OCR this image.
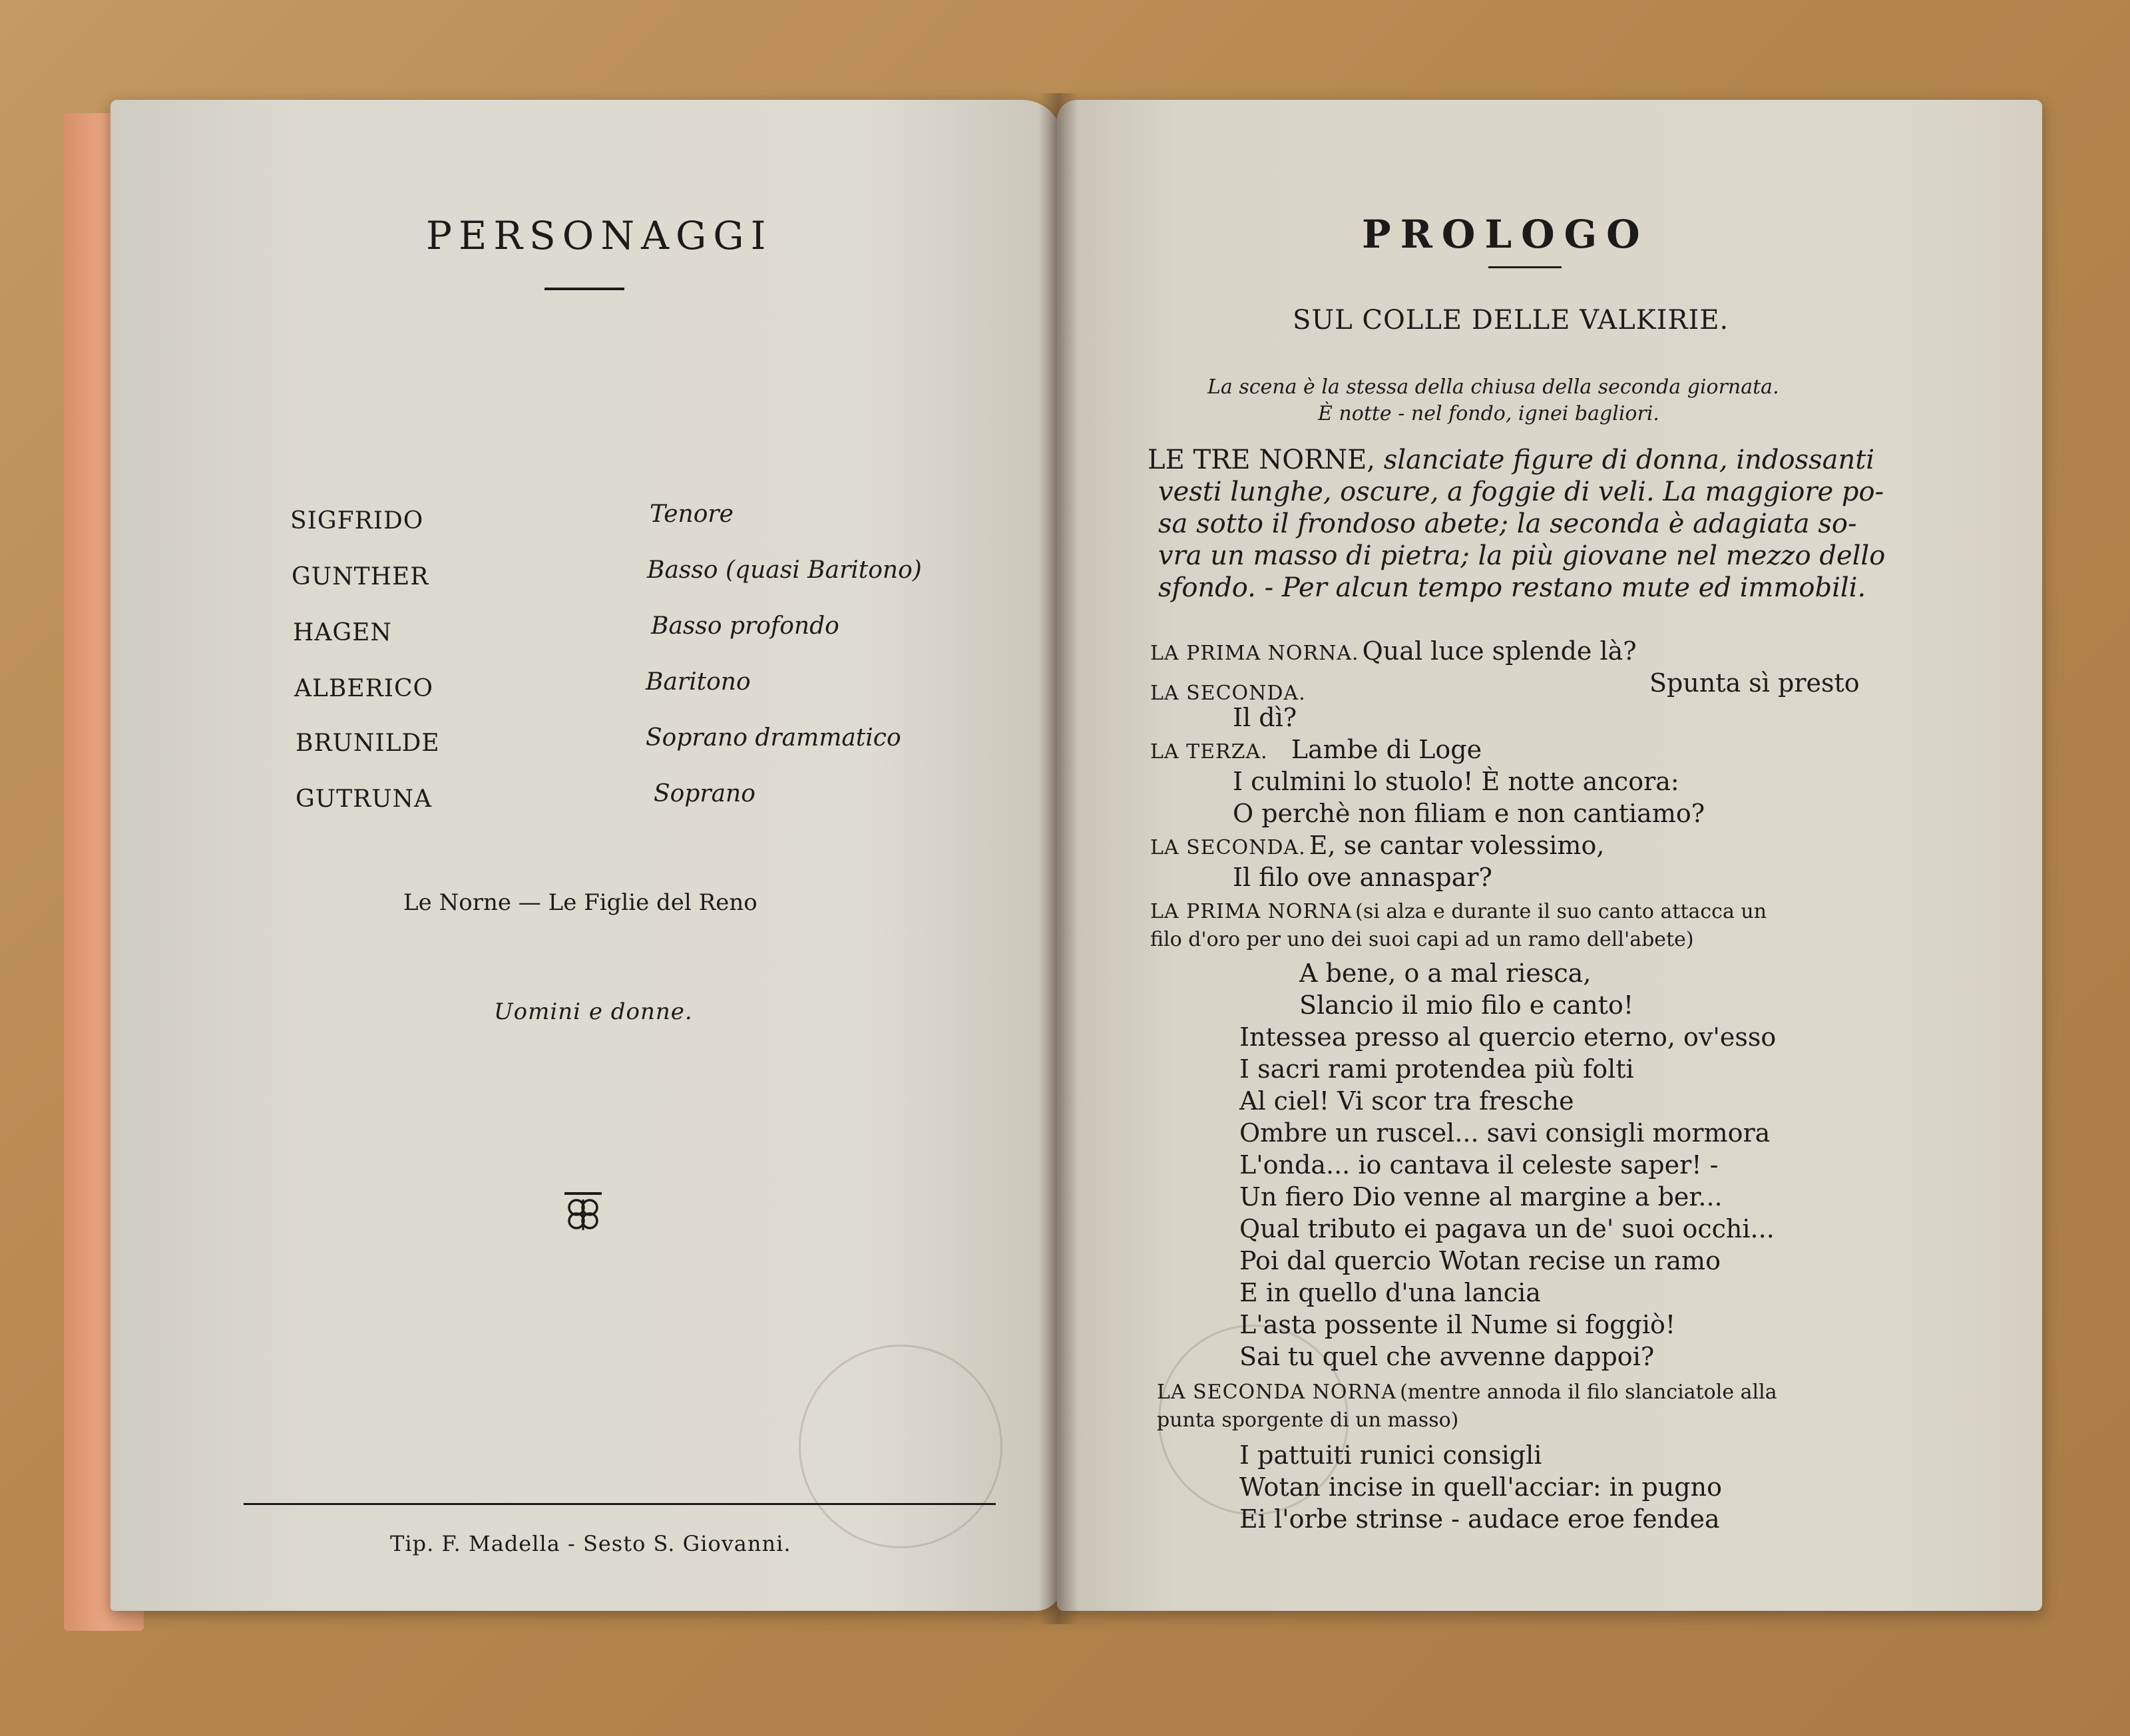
PERSONAGGI
SIGFRIDO	Tenore
GUNTHER	Basso (quasi Baritono)
HAGEN	Basso profondo
ALBERICO	Baritono
BRUNILDE	Soprano drammatico
GUTRUNA	Soprano
Le Norne — Le Figlie del Reno
Uomini e donne.
Tip. F. Madella - Sesto S. Giovanni.
PROLOGO
SUL COLLE DELLE VALKIRIE.
La scena è la stessa della chiusa della seconda giornata.
È notte - nel fondo, ignei bagliori.
LE TRE NORNE, slanciate figure di donna, indossanti
vesti lunghe, oscure, a foggie di veli. La maggiore po-
sa sotto il frondoso abete; la seconda è adagiata so-
vra un masso di pietra; la più giovane nel mezzo dello
sfondo. - Per alcun tempo restano mute ed immobili.
LA PRIMA NORNA. Qual luce splende là?
LA SECONDA.	Spunta sì presto
Il dì?
LA TERZA. Lambe di Loge
I culmini lo stuolo! È notte ancora:
O perchè non filiam e non cantiamo?
LA SECONDA. E, se cantar volessimo,
Il filo ove annaspar?
LA PRIMA NORNA (si alza e durante il suo canto attacca un
filo d'oro per uno dei suoi capi ad un ramo dell'abete)
A bene, o a mal riesca,
Slancio il mio filo e canto!
Intessea presso al quercio eterno, ov'esso
I sacri rami protendea più folti
Al ciel! Vi scor tra fresche
Ombre un ruscel... savi consigli mormora
L'onda... io cantava il celeste saper! -
Un fiero Dio venne al margine a ber...
Qual tributo ei pagava un de' suoi occhi...
Poi dal quercio Wotan recise un ramo
E in quello d'una lancia
L'asta possente il Nume si foggiò!
Sai tu quel che avvenne dappoi?
LA SECONDA NORNA (mentre annoda il filo slanciatole alla
punta sporgente di un masso)
I pattuiti runici consigli
Wotan incise in quell'acciar: in pugno
Ei l'orbe strinse - audace eroe fendea
